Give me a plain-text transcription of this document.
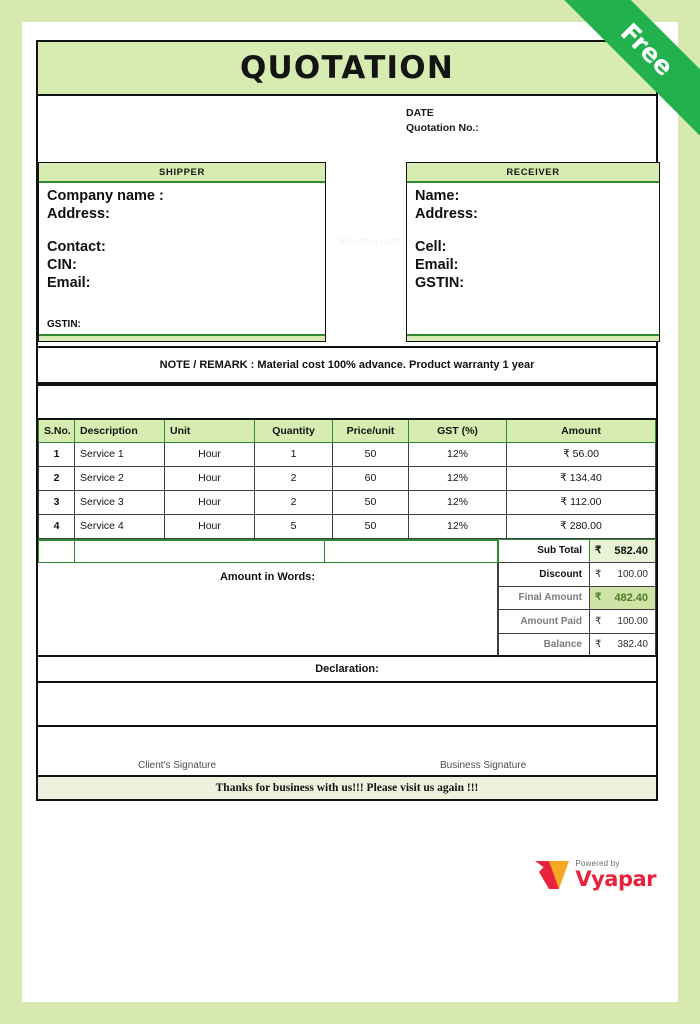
QUOTATION
DATE
Quotation No.:
SHIPPER
Company name :
Address:
Contact:
CIN:
Email:
GSTIN:
RECEIVER
Name:
Address:
Cell:
Email:
GSTIN:
Restaurant
NOTE / REMARK : Material cost 100% advance. Product warranty 1 year
S.No.	Description	Unit	Quantity	Price/unit	GST (%)	Amount
1	Service 1	Hour	1	50	12%	₹ 56.00
2	Service 2	Hour	2	60	12%	₹ 134.40
3	Service 3	Hour	2	50	12%	₹ 112.00
4	Service 4	Hour	5	50	12%	₹ 280.00

Amount in Words:
Sub Total	₹ 582.40
Discount	₹ 100.00
Final Amount	₹ 482.40
Amount Paid	₹ 100.00
Balance	₹ 382.40
Declaration:
Client's Signature	Business Signature
Thanks for business with us!!! Please visit us again !!!
Powered by
Vyapar
Free
